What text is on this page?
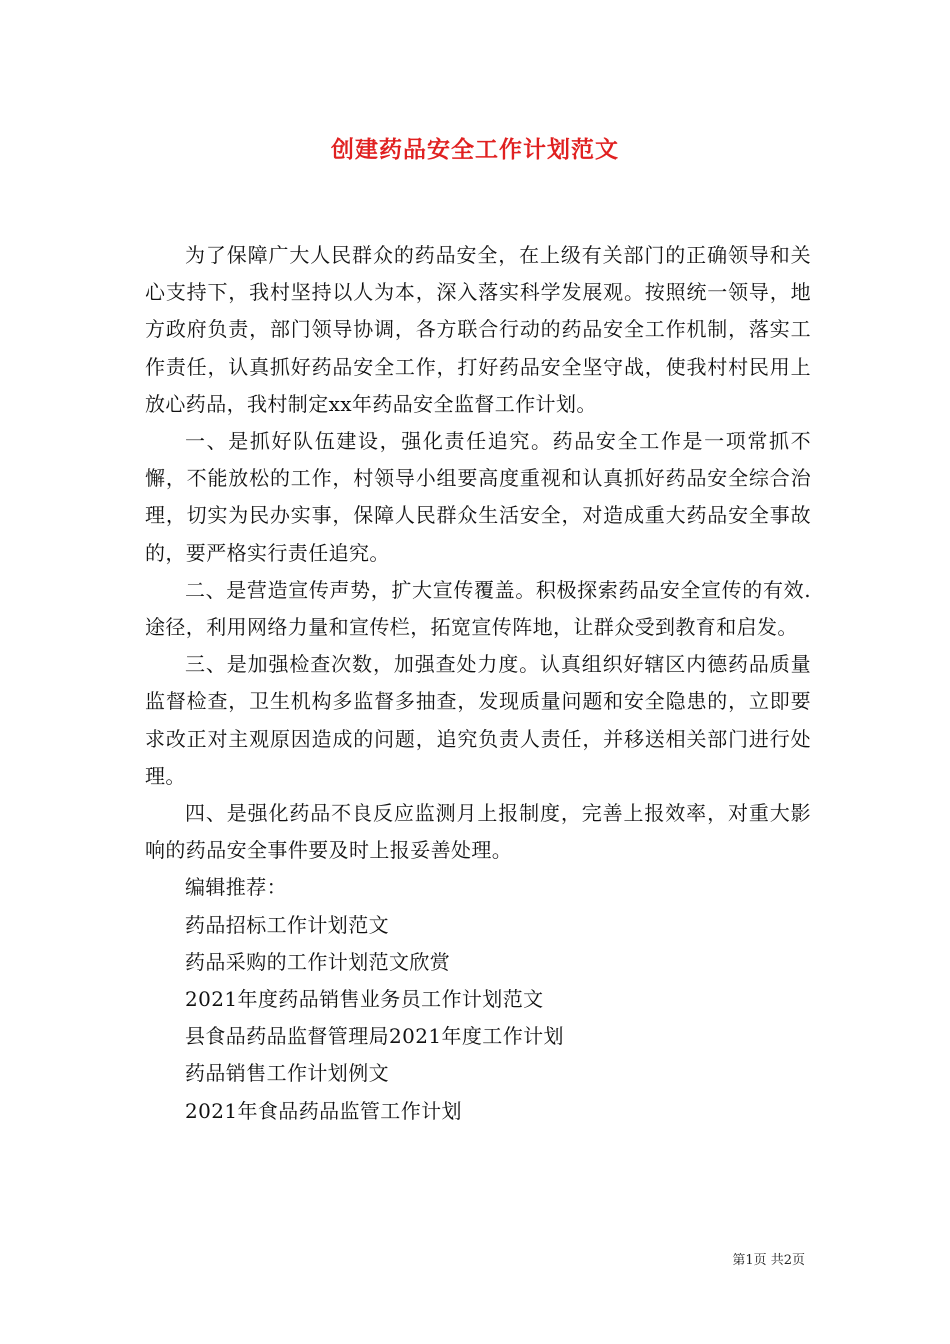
创建药品安全工作计划范文

为了保障广大人民群众的药品安全，在上级有关部门的正确领导和关心支持下，我村坚持以人为本，深入落实科学发展观。按照统一领导，地方政府负责，部门领导协调，各方联合行动的药品安全工作机制，落实工作责任，认真抓好药品安全工作，打好药品安全坚守战，使我村村民用上放心药品，我村制定xx年药品安全监督工作计划。

一、是抓好队伍建设，强化责任追究。药品安全工作是一项常抓不懈，不能放松的工作，村领导小组要高度重视和认真抓好药品安全综合治理，切实为民办实事，保障人民群众生活安全，对造成重大药品安全事故的，要严格实行责任追究。

二、是营造宣传声势，扩大宣传覆盖。积极探索药品安全宣传的有效.途径，利用网络力量和宣传栏，拓宽宣传阵地，让群众受到教育和启发。

三、是加强检查次数，加强查处力度。认真组织好辖区内德药品质量监督检查，卫生机构多监督多抽查，发现质量问题和安全隐患的，立即要求改正对主观原因造成的问题，追究负责人责任，并移送相关部门进行处理。

四、是强化药品不良反应监测月上报制度，完善上报效率，对重大影响的药品安全事件要及时上报妥善处理。

编辑推荐：

药品招标工作计划范文

药品采购的工作计划范文欣赏

2021年度药品销售业务员工作计划范文

县食品药品监督管理局2021年度工作计划

药品销售工作计划例文

2021年食品药品监管工作计划

第1页 共2页
